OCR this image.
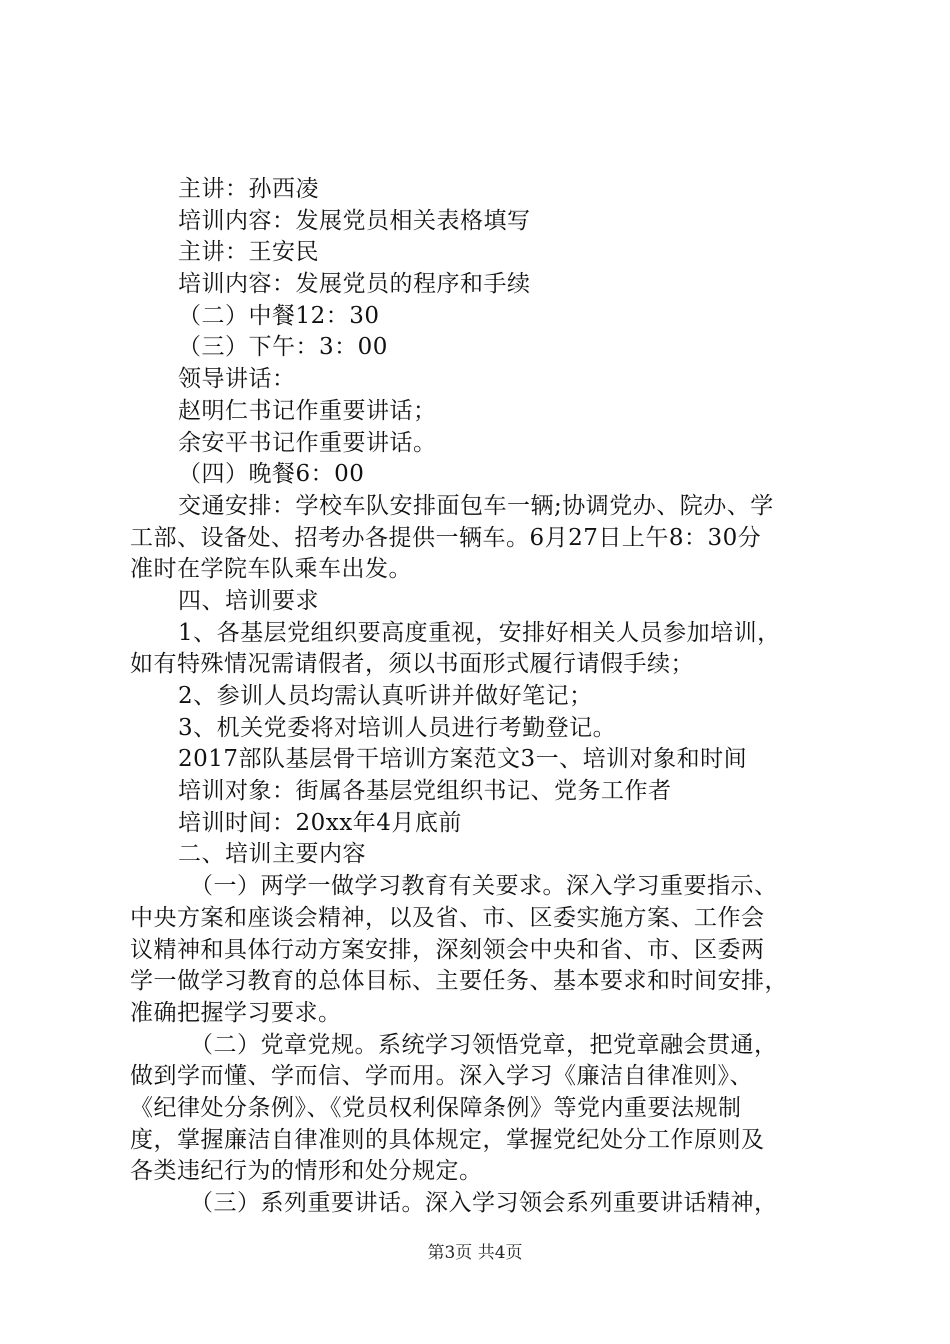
主讲：孙西凌
培训内容：发展党员相关表格填写
主讲：王安民
培训内容：发展党员的程序和手续
（二）中餐12：30
（三）下午：3：00
领导讲话：
赵明仁书记作重要讲话；
余安平书记作重要讲话。
（四）晚餐6：00
交通安排：学校车队安排面包车一辆;协调党办、院办、学
工部、设备处、招考办各提供一辆车。6月27日上午8：30分
准时在学院车队乘车出发。
四、培训要求
1、各基层党组织要高度重视，安排好相关人员参加培训，
如有特殊情况需请假者，须以书面形式履行请假手续；
2、参训人员均需认真听讲并做好笔记；
3、机关党委将对培训人员进行考勤登记。
2017部队基层骨干培训方案范文3一、培训对象和时间
培训对象：街属各基层党组织书记、党务工作者
培训时间：20xx年4月底前
二、培训主要内容
（一）两学一做学习教育有关要求。深入学习重要指示、
中央方案和座谈会精神，以及省、市、区委实施方案、工作会
议精神和具体行动方案安排，深刻领会中央和省、市、区委两
学一做学习教育的总体目标、主要任务、基本要求和时间安排，
准确把握学习要求。
（二）党章党规。系统学习领悟党章，把党章融会贯通，
做到学而懂、学而信、学而用。深入学习《廉洁自律准则》、
《纪律处分条例》、《党员权利保障条例》等党内重要法规制
度，掌握廉洁自律准则的具体规定，掌握党纪处分工作原则及
各类违纪行为的情形和处分规定。
（三）系列重要讲话。深入学习领会系列重要讲话精神，
第3页 共4页
